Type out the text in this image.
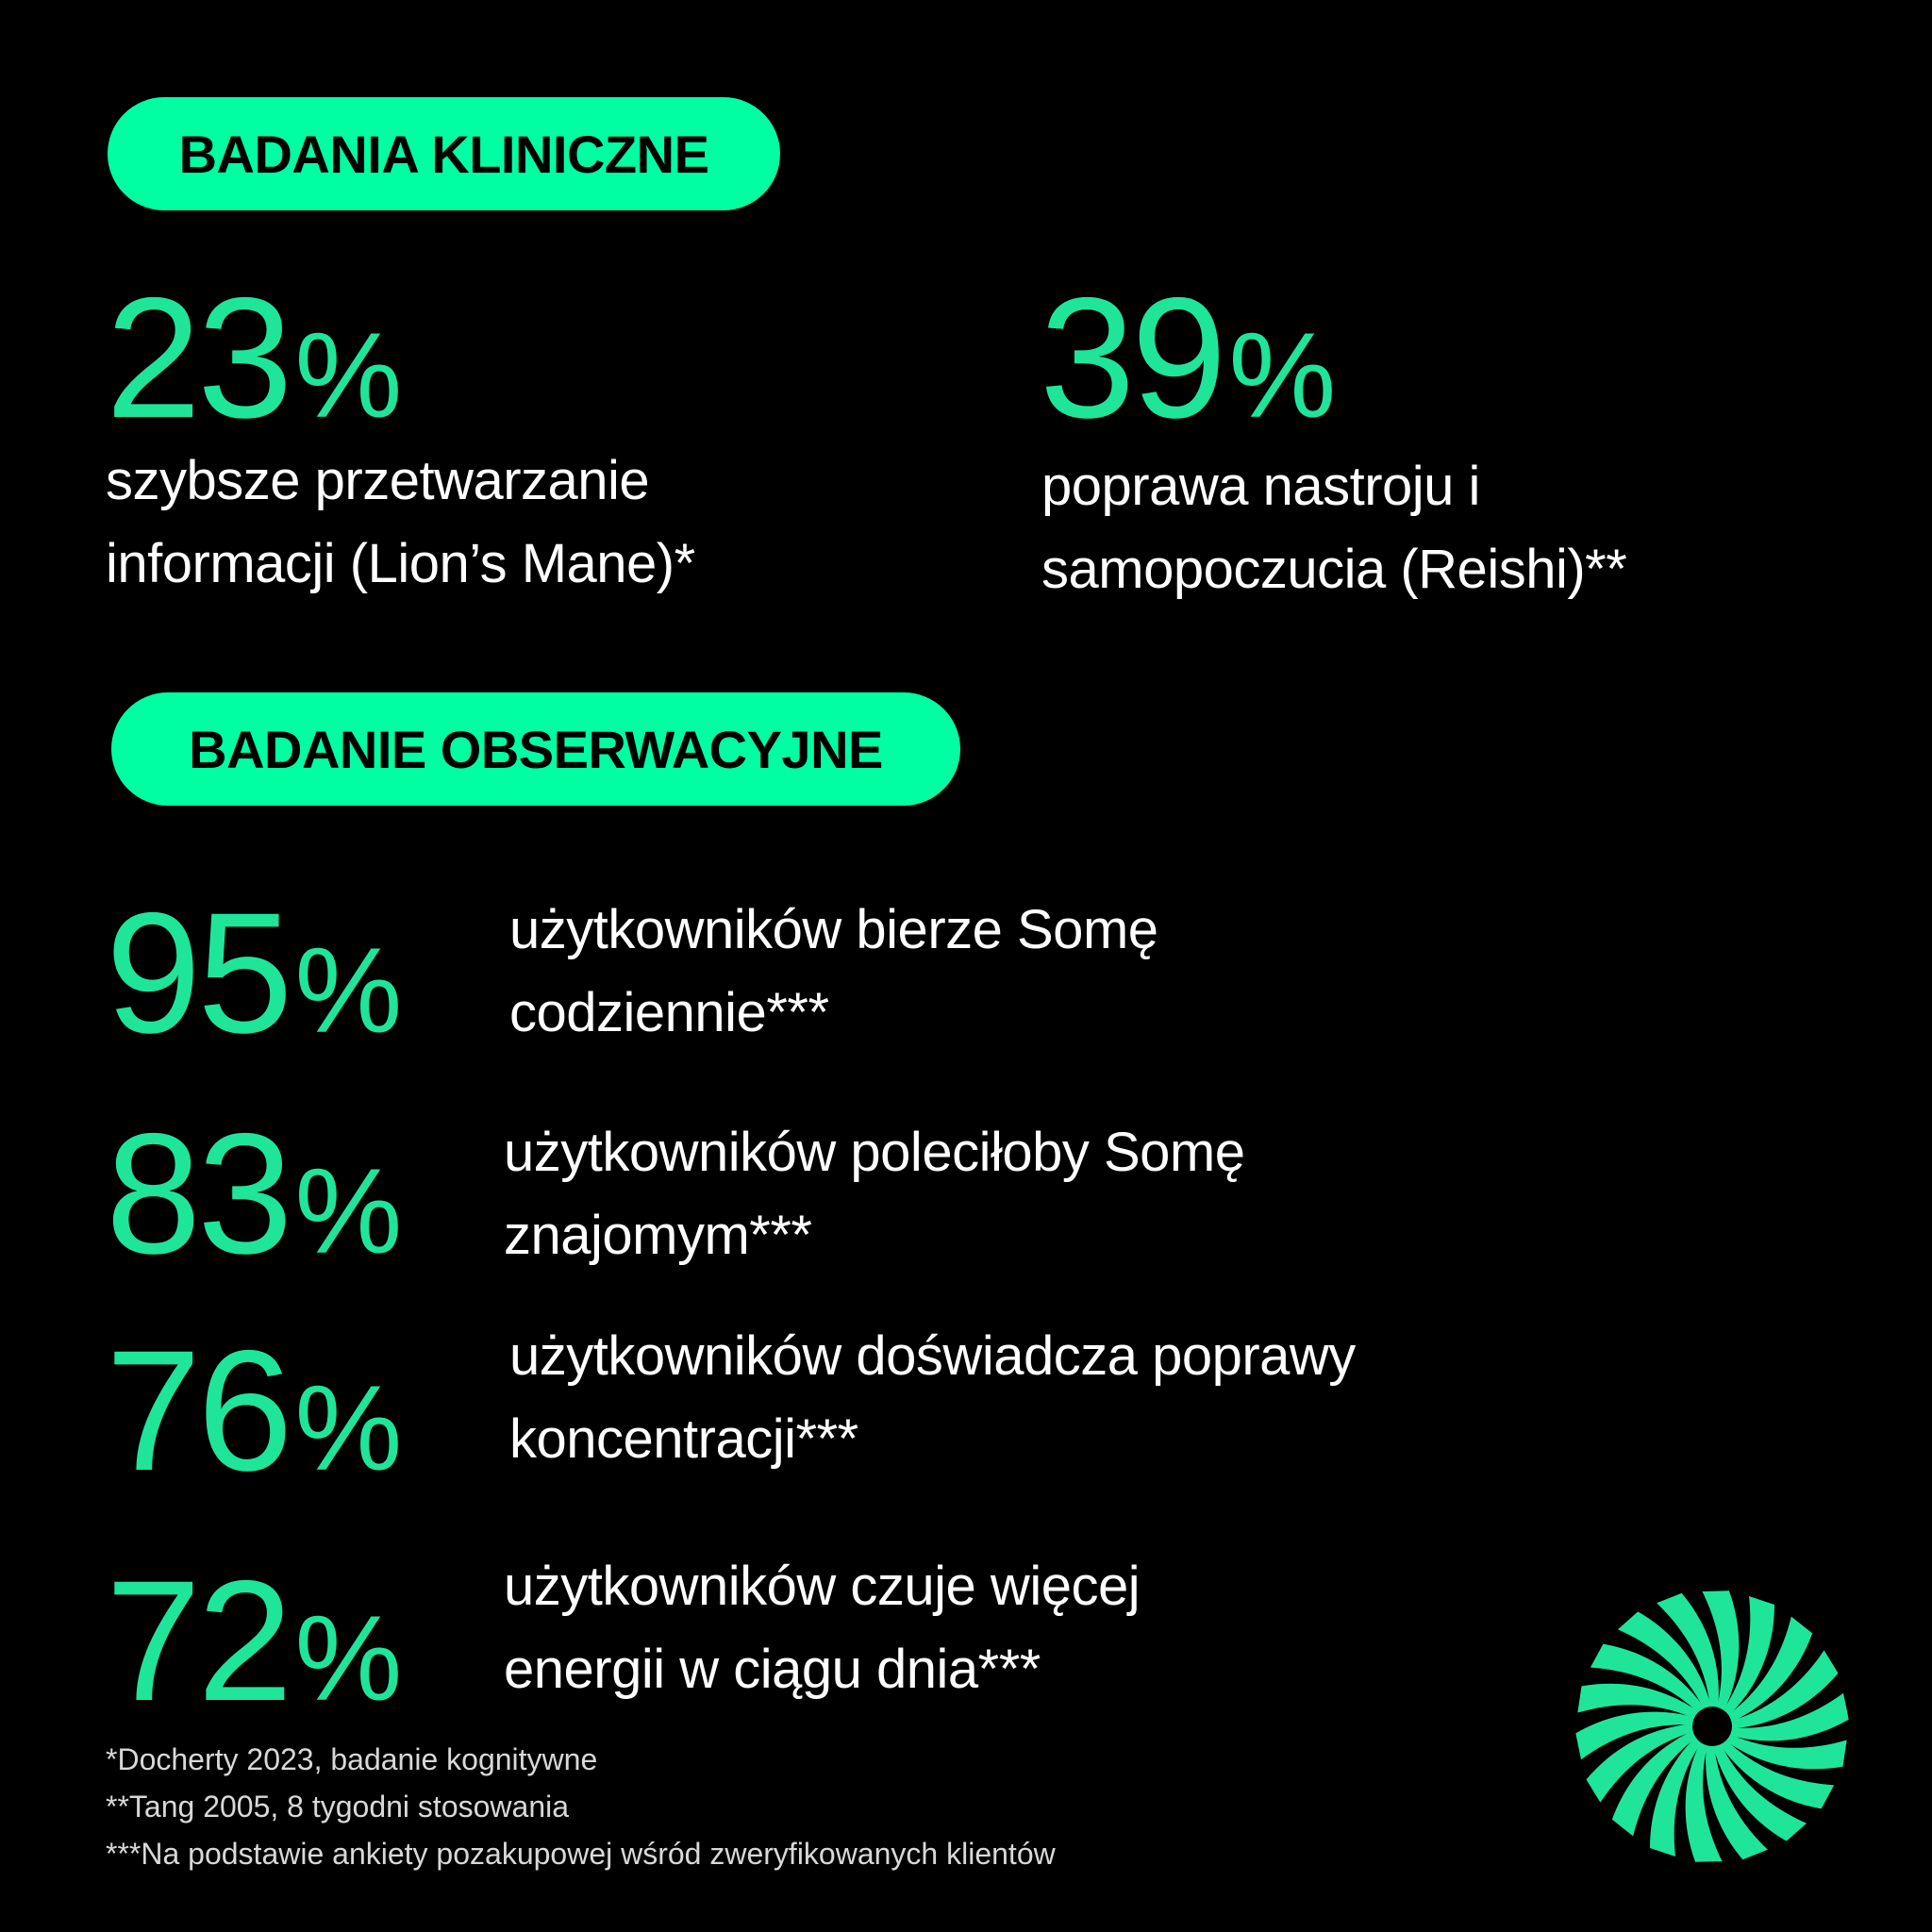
BADANIA KLINICZNE
23%
szybsze przetwarzanie
informacji (Lion’s Mane)*
39%
poprawa nastroju i
samopoczucia (Reishi)**
BADANIE OBSERWACYJNE
95% użytkowników bierze Somę
codziennie***
83% użytkowników poleciłoby Somę
znajomym***
76%
użytkowników doświadcza poprawy
koncentracji***
72%
użytkowników czuje więcej
energii w ciągu dnia***
*Docherty 2023, badanie kognitywne
**Tang 2005, 8 tygodni stosowania
***Na podstawie ankiety pozakupowej wśród zweryfikowanych klientów
